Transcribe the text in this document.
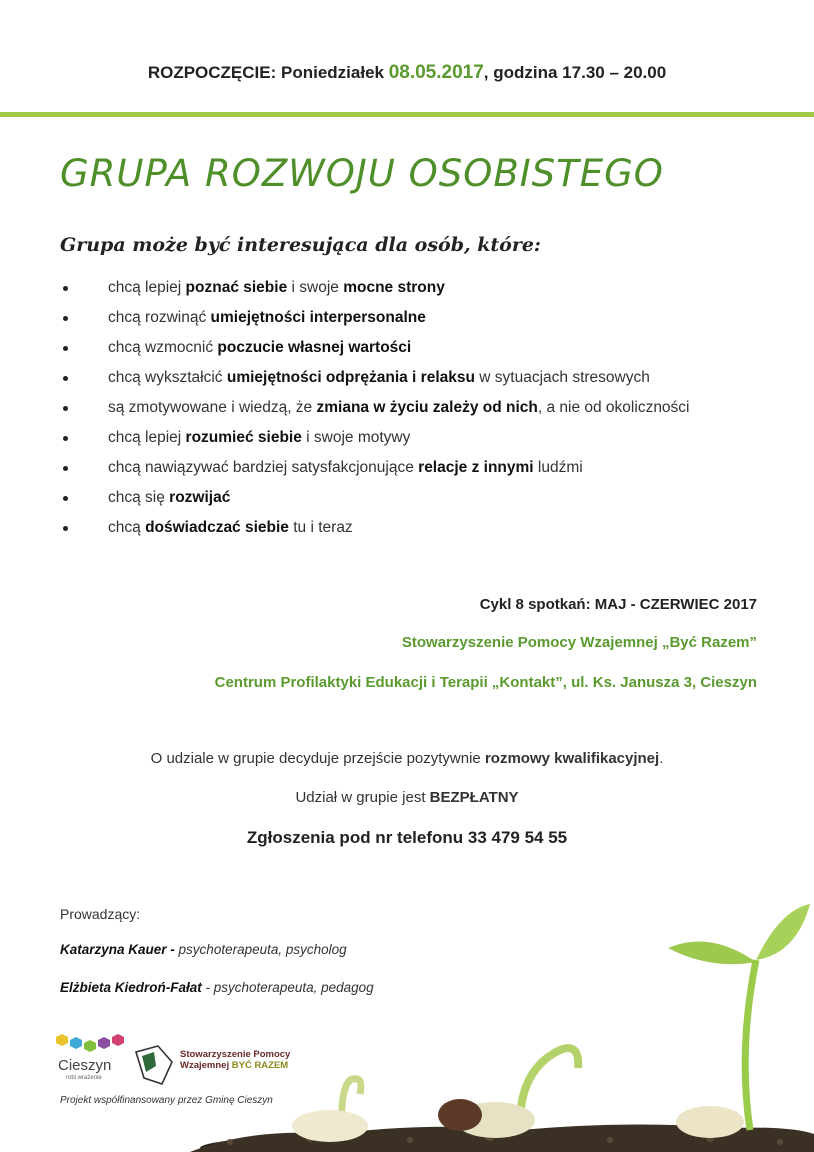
ROZPOCZĘCIE: Poniedziałek 08.05.2017, godzina 17.30 – 20.00
GRUPA ROZWOJU OSOBISTEGO
Grupa może być interesująca dla osób, które:
chcą lepiej poznać siebie i swoje mocne strony
chcą rozwinąć umiejętności interpersonalne
chcą wzmocnić poczucie własnej wartości
chcą wykształcić umiejętności odprężania i relaksu w sytuacjach stresowych
są zmotywowane i wiedzą, że zmiana w życiu zależy od nich, a nie od okoliczności
chcą lepiej rozumieć siebie i swoje motywy
chcą nawiązywać bardziej satysfakcjonujące relacje z innymi ludźmi
chcą się rozwijać
chcą doświadczać siebie tu i teraz
Cykl 8 spotkań: MAJ - CZERWIEC 2017
Stowarzyszenie Pomocy Wzajemnej „Być Razem”
Centrum Profilaktyki Edukacji i Terapii „Kontakt”, ul. Ks. Janusza 3, Cieszyn
O udziale w grupie decyduje przejście pozytywnie rozmowy kwalifikacyjnej.
Udział w grupie jest BEZPŁATNY
Zgłoszenia pod nr telefonu 33 479 54 55
Prowadzący:
Katarzyna Kauer - psychoterapeuta, psycholog
Elżbieta Kiedroń-Fałat - psychoterapeuta, pedagog
Cieszyn
robi wrażenie
Stowarzyszenie Pomocy
Wzajemnej BYĆ RAZEM
Projekt współfinansowany przez Gminę Cieszyn
